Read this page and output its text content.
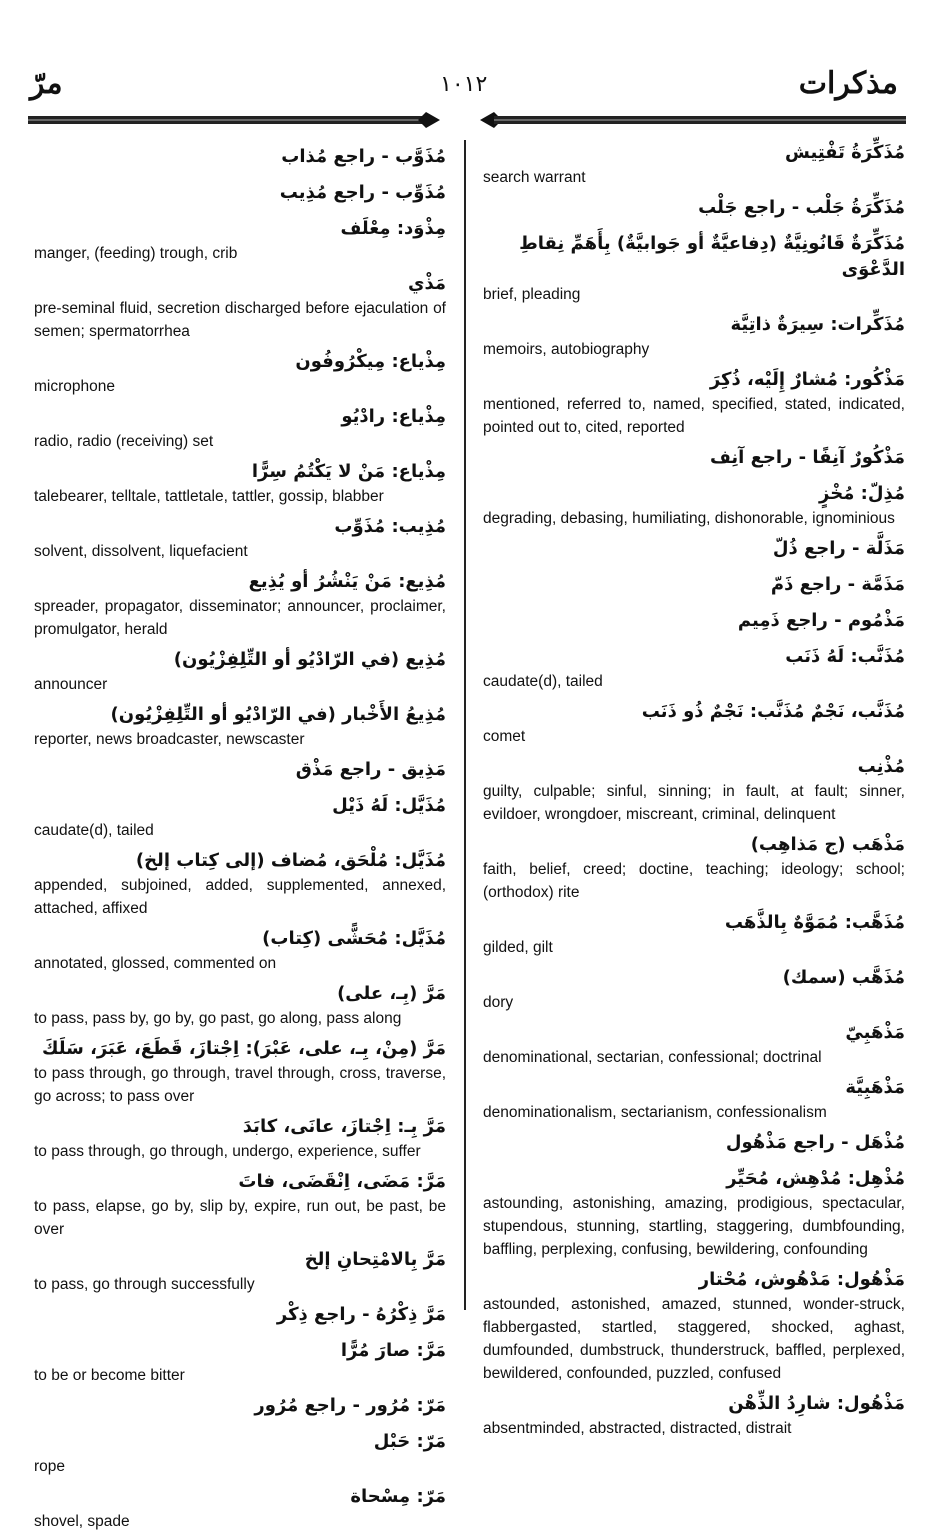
مذكرات
١٠١٢
مرّ
مُذَوَّب - راجع مُذاب
مُذَوِّب - راجع مُذِيب
مِذْوَد: مِعْلَف
manger, (feeding) trough, crib
مَذْي
pre-seminal fluid, secretion discharged before ejaculation of semen; spermatorrhea
مِذْياع: مِيكْرُوفُون
microphone
مِذْياع: رادْيُو
radio, radio (receiving) set
مِذْياع: مَنْ لا يَكْتُمُ سِرًّا
talebearer, telltale, tattletale, tattler, gossip, blabber
مُذِيب: مُذَوِّب
solvent, dissolvent, liquefacient
مُذِيع: مَنْ يَنْشُرُ أو يُذِيع
spreader, propagator, disseminator; announcer, proclaimer, promulgator, herald
مُذِيع (في الرّادْيُو أو التِّلِفِزْيُون)
announcer
مُذِيعُ الأَخْبار (في الرّادْيُو أو التِّلِفِزْيُون)
reporter, news broadcaster, newscaster
مَذِيق - راجع مَذْق
مُذَيَّل: لَهُ ذَيْل
caudate(d), tailed
مُذَيَّل: مُلْحَق، مُضاف (إلى كِتاب إلخ)
appended, subjoined, added, supplemented, annexed, attached, affixed
مُذَيَّل: مُحَشًّى (كِتاب)
annotated, glossed, commented on
مَرَّ (بِـ، على)
to pass, pass by, go by, go past, go along, pass along
مَرَّ (مِنْ، بِـ، على، عَبْرَ): اِجْتازَ، قَطَعَ، عَبَرَ، سَلَكَ
to pass through, go through, travel through, cross, traverse, go across; to pass over
مَرَّ بِـ: اِجْتازَ، عانَى، كابَدَ
to pass through, go through, undergo, experience, suffer
مَرَّ: مَضَى، اِنْقَضَى، فاتَ
to pass, elapse, go by, slip by, expire, run out, be past, be over
مَرَّ بِالامْتِحانِ إلخ
to pass, go through successfully
مَرَّ ذِكْرُهُ - راجع ذِكْر
مَرَّ: صارَ مُرًّا
to be or become bitter
مَرّ: مُرُور - راجع مُرُور
مَرّ: حَبْل
rope
مَرّ: مِسْحاة
shovel, spade
مُذَكِّرَةُ تَفْتِيش
search warrant
مُذَكِّرَةُ جَلْب - راجع جَلْب
مُذَكِّرَةٌ قَانُونِيَّةٌ (دِفاعيَّةٌ أو جَوابيَّةٌ) بِأَهَمِّ نِقاطِ الدَّعْوَى
brief, pleading
مُذَكِّرات: سِيرَةٌ ذاتِيَّة
memoirs, autobiography
مَذْكُور: مُشارٌ إِلَيْه، ذُكِرَ
mentioned, referred to, named, specified, stated, indicated, pointed out to, cited, reported
مَذْكُورٌ آنِفًا - راجع آنِف
مُذِلّ: مُخْزٍ
degrading, debasing, humiliating, dishonorable, ignominious
مَذَلَّة - راجع ذُلّ
مَذَمَّة - راجع ذَمّ
مَذْمُوم - راجع ذَمِيم
مُذَنَّب: لَهُ ذَنَب
caudate(d), tailed
مُذَنَّب، نَجْمٌ مُذَنَّب: نَجْمٌ ذُو ذَنَب
comet
مُذْنِب
guilty, culpable; sinful, sinning; in fault, at fault; sinner, evildoer, wrongdoer, miscreant, criminal, delinquent
مَذْهَب (ج مَذاهِب)
faith, belief, creed; doctine, teaching; ideology; school; (orthodox) rite
مُذَهَّب: مُمَوَّهٌ بِالذَّهَب
gilded, gilt
مُذَهَّب (سمك)
dory
مَذْهَبِيّ
denominational, sectarian, confessional; doctrinal
مَذْهَبِيَّة
denominationalism, sectarianism, confessionalism
مُذْهَل - راجع مَذْهُول
مُذْهِل: مُدْهِش، مُحَيِّر
astounding, astonishing, amazing, prodigious, spectacular, stupendous, stunning, startling, staggering, dumbfounding, baffling, perplexing, confusing, bewildering, confounding
مَذْهُول: مَدْهُوش، مُحْتار
astounded, astonished, amazed, stunned, wonder-struck, flabbergasted, startled, staggered, shocked, aghast, dumfounded, dumbstruck, thunderstruck, baffled, perplexed, bewildered, confounded, puzzled, confused
مَذْهُول: شارِدُ الذِّهْن
absentminded, abstracted, distracted, distrait
